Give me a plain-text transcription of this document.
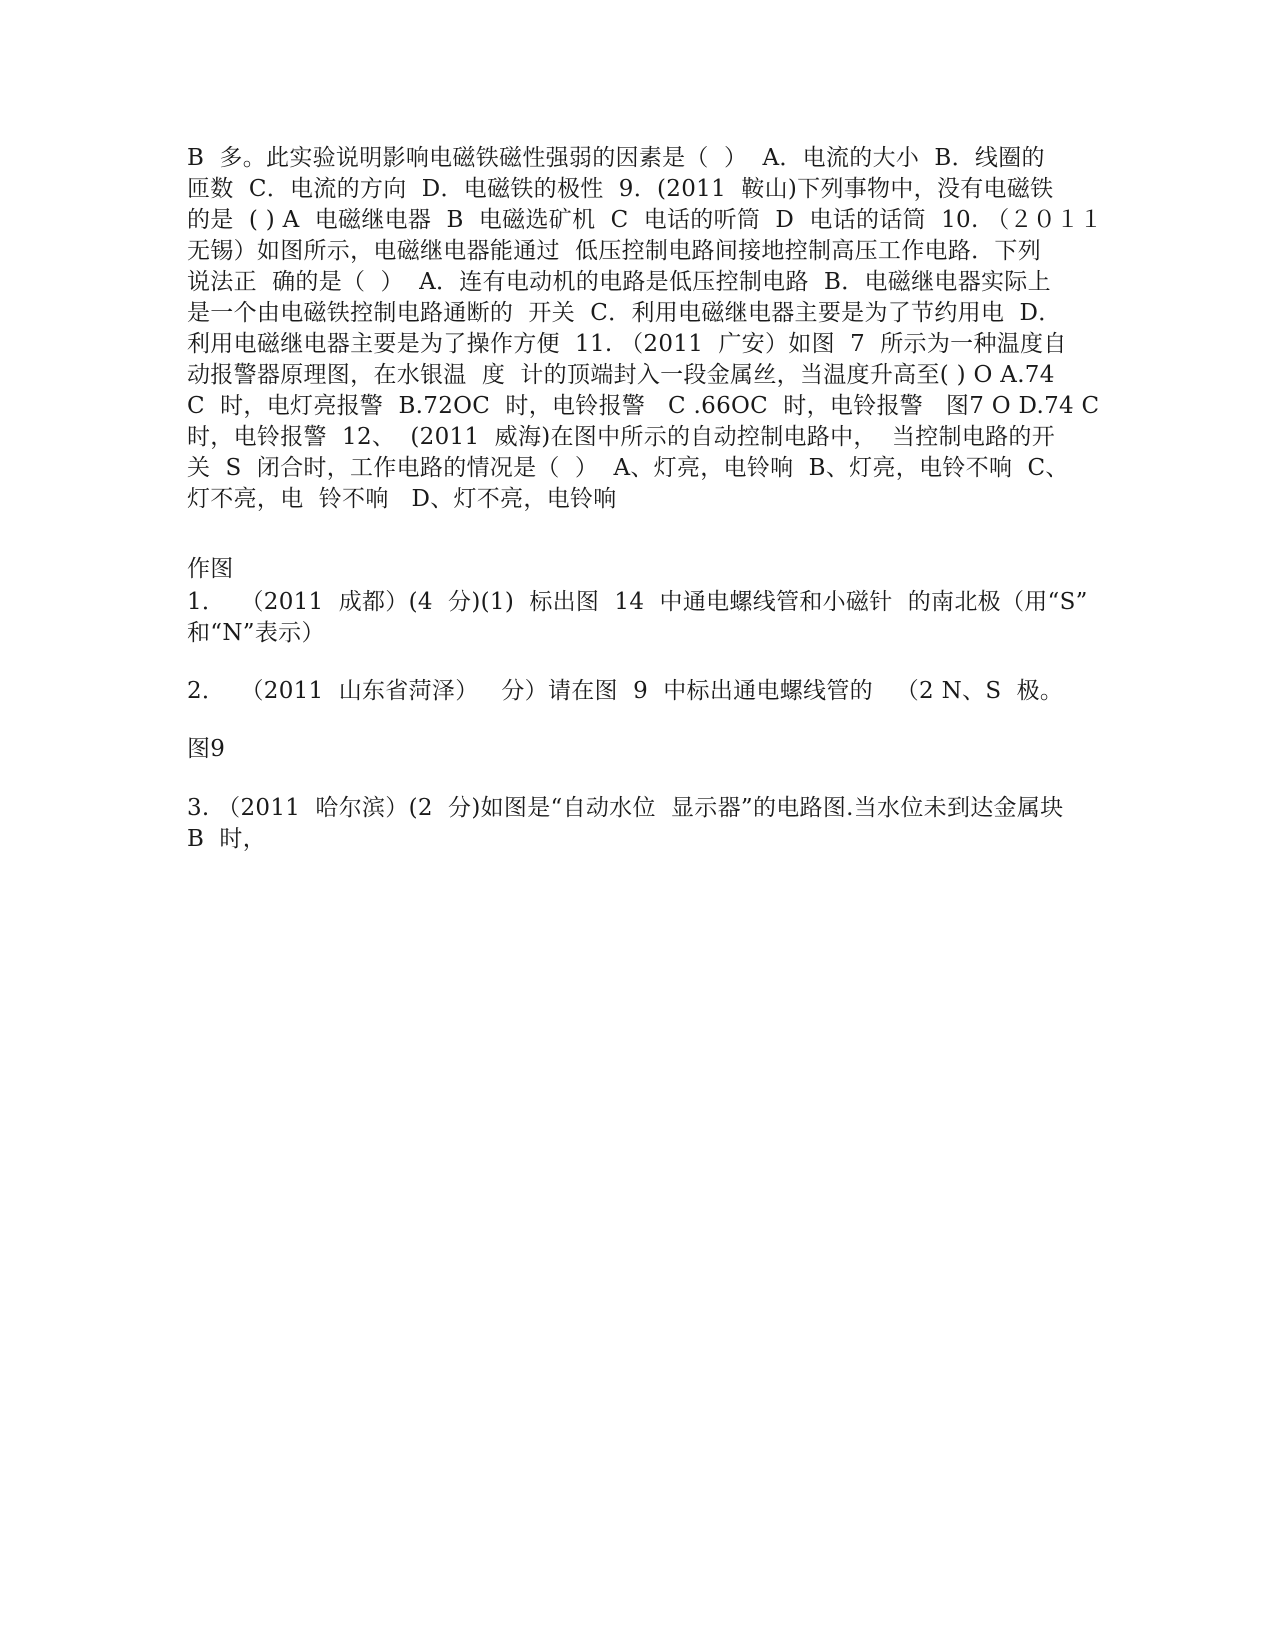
B  多。此实验说明影响电磁铁磁性强弱的因素是（  ）  A．电流的大小  B．线圈的
匝数  C．电流的方向  D．电磁铁的极性  9．(2011  鞍山)下列事物中，没有电磁铁
的是  ( ) A  电磁继电器  B  电磁选矿机  C  电话的听筒  D  电话的话筒  10. （２０１１
无锡）如图所示，电磁继电器能通过  低压控制电路间接地控制高压工作电路．下列
说法正  确的是（  ）  A．连有电动机的电路是低压控制电路  B．电磁继电器实际上
是一个由电磁铁控制电路通断的  开关  C．利用电磁继电器主要是为了节约用电  D．
利用电磁继电器主要是为了操作方便  11. （2011  广安）如图  7  所示为一种温度自
动报警器原理图，在水银温  度  计的顶端封入一段金属丝，当温度升高至( ) O A.74
C  时，电灯亮报警  B.72OC  时，电铃报警   C .66OC  时，电铃报警   图7 O D.74 C
时，电铃报警  12、  (2011  威海)在图中所示的自动控制电路中，  当控制电路的开
关  S  闭合时，工作电路的情况是（  ）  A、灯亮，电铃响  B、灯亮，电铃不响  C、
灯不亮，电  铃不响   D、灯不亮，电铃响
作图
1．  （2011  成都）(4  分)(1)  标出图  14  中通电螺线管和小磁针  的南北极（用“S”
和“N”表示）
2．  （2011  山东省菏泽）   分）请在图  9  中标出通电螺线管的   （2 N、S  极。
图9
3. （2011  哈尔滨）(2  分)如图是“自动水位  显示器”的电路图.当水位未到达金属块
B  时，
